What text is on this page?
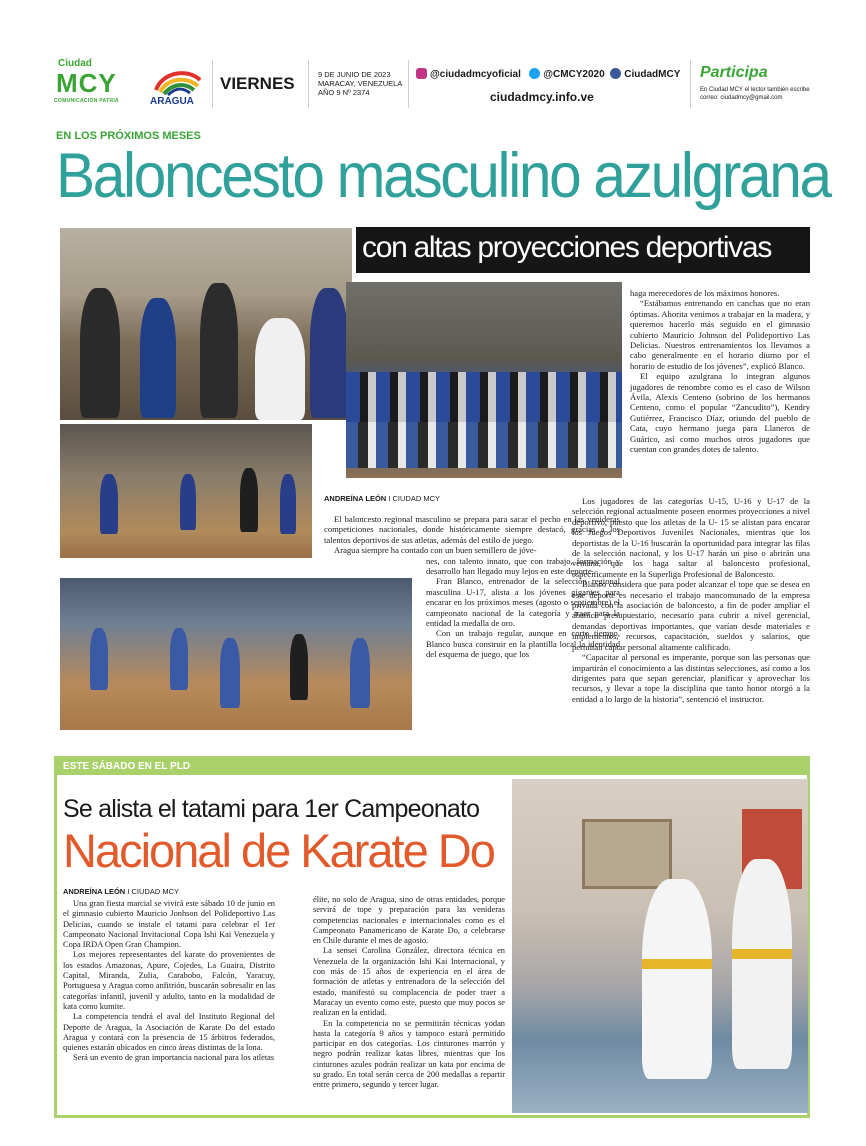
Ciudad
MCY
COMUNICACIÓN PATRIA	ARAGUA
VIERNES	9 DE JUNIO DE 2023
MARACAY, VENEZUELA
AÑO 9 Nº 2374
@ciudadmcyoficial @CMCY2020 CiudadMCY
ciudadmcy.info.ve
Participa
En Ciudad MCY el lector también escribe correo: ciudadmcy@gmail.com
EN LOS PRÓXIMOS MESES
Baloncesto masculino azulgrana
con altas proyecciones deportivas
ANDREÍNA LEÓN I CIUDAD MCY

El baloncesto regional masculino se prepara para sacar el pecho en las venideras competiciones nacionales, donde históricamente siempre destacó, gracias a los talentos deportivos de sus atletas, además del estilo de juego.

Aragua siempre ha contado con un buen semillero de jóve-

nes, con talento innato, que con trabajo, formación y desarrollo han llegado muy lejos en este deporte.

Fran Blanco, entrenador de la selección regional masculina U-17, alista a los jóvenes gigantes para encarar en los próximos meses (agosto o septiembre) el campeonato nacional de la categoría y traer para la entidad la medalla de oro.

Con un trabajo regular, aunque en corto tiempo, Blanco busca construir en la plantilla local la identidad del esquema de juego, que los

haga merecedores de los máximos honores.

“Estábamos entrenando en canchas que no eran óptimas. Ahorita venimos a trabajar en la madera, y queremos hacerlo más seguido en el gimnasio cubierto Mauricio Johnson del Polideportivo Las Delicias. Nuestros entrenamientos los llevamos a cabo generalmente en el horario diurno por el horario de estudio de los jóvenes”, explicó Blanco.

El equipo azulgrana lo integran algunos jugadores de renombre como es el caso de Wilson Ávila, Alexis Centeno (sobrino de los hermanos Centeno, como el popular “Zancudito”), Kendry Gutiérrez, Francisco Díaz, oriundo del pueblo de Cata, cuyo hermano juega para Llaneros de Guárico, así como muchos otros jugadores que cuentan con grandes dotes de talento.

Los jugadores de las categorías U-15, U-16 y U-17 de la selección regional actualmente poseen enormes proyecciones a nivel deportivo, puesto que los atletas de la U- 15 se alistan para encarar los Juegos Deportivos Juveniles Nacionales, mientras que los deportistas de la U-16 buscarán la oportunidad para integrar las filas de la selección nacional, y los U-17 harán un piso o abrirán una ventana, que los haga saltar al baloncesto profesional, específicamente en la Superliga Profesional de Baloncesto.

Blanco considera que para poder alcanzar el tope que se desea en este deporte es necesario el trabajo mancomunado de la empresa privada con la asociación de baloncesto, a fin de poder ampliar el abanico presupuestario, necesario para cubrir a nivel gerencial, demandas deportivas importantes, que varían desde materiales e implementos, recursos, capacitación, sueldos y salarios, que permitan captar personal altamente calificado.

“Capacitar al personal es imperante, porque son las personas que impartirán el conocimiento a las distintas selecciones, así como a los dirigentes para que sepan gerenciar, planificar y aprovechar los recursos, y llevar a tope la disciplina que tanto honor otorgó a la entidad a lo largo de la historia”, sentenció el instructor.

ESTE SÁBADO EN EL PLD
Se alista el tatami para 1er Campeonato
Nacional de Karate Do
ANDREÍNA LEÓN I CIUDAD MCY

Una gran fiesta marcial se vivirá este sábado 10 de junio en el gimnasio cubierto Mauricio Jonhson del Polideportivo Las Delicias, cuando se instale el tatami para celebrar el 1er Campeonato Nacional Invitacional Copa Ishi Kai Venezuela y Copa IRDA Open Gran Champion.

Los mejores representantes del karate do provenientes de los estados Amazonas, Apure, Cojedes, La Guaira, Distrito Capital, Miranda, Zulia, Carabobo, Falcón, Yaracuy, Portuguesa y Aragua como anfitrión, buscarán sobresalir en las categorías infantil, juvenil y adulto, tanto en la modalidad de kata como kumite.

La competencia tendrá el aval del Instituto Regional del Deporte de Aragua, la Asociación de Karate Do del estado Aragua y contará con la presencia de 15 árbitros federados, quienes estarán ubicados en cinco áreas distintas de la lona.

Será un evento de gran importancia nacional para los atletas

élite, no solo de Aragua, sino de otras entidades, porque servirá de tope y preparación para las venideras competencias nacionales e internacionales como es el Campeonato Panamericano de Karate Do, a celebrarse en Chile durante el mes de agosto.

La sensei Carolina González, directora técnica en Venezuela de la organización Ishi Kai Internacional, y con más de 15 años de experiencia en el área de formación de atletas y entrenadora de la selección del estado, manifestó su complacencia de poder traer a Maracay un evento como este, puesto que muy pocos se realizan en la entidad.

En la competencia no se permitirán técnicas yodan hasta la categoría 9 años y tampoco estará permitido participar en dos categorías. Los cinturones marrón y negro podrán realizar katas libres, mientras que los cinturones azules podrán realizar un kata por encima de su grado. En total serán cerca de 200 medallas a repartir entre primero, segundo y tercer lugar.
